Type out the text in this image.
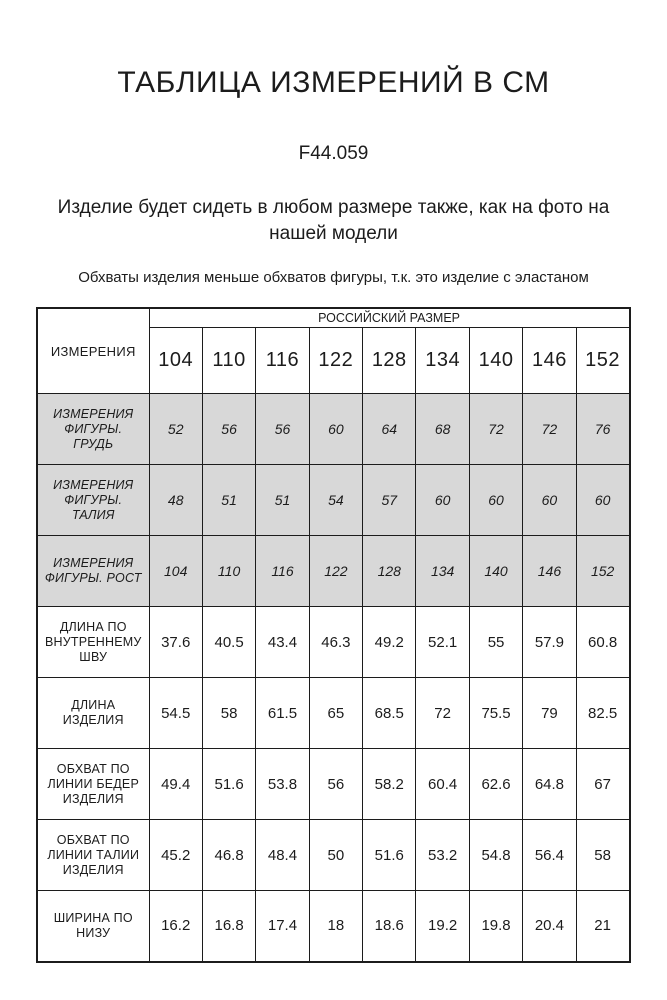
ТАБЛИЦА ИЗМЕРЕНИЙ В СМ
F44.059
Изделие будет сидеть в любом размере также, как на фото на нашей модели
Обхваты изделия меньше обхватов фигуры, т.к. это изделие с эластаном
ИЗМЕРЕНИЯ	РОССИЙСКИЙ РАЗМЕР								
	104	110	116	122	128	134	140	146	152
ИЗМЕРЕНИЯ ФИГУРЫ. ГРУДЬ	52	56	56	60	64	68	72	72	76
ИЗМЕРЕНИЯ ФИГУРЫ. ТАЛИЯ	48	51	51	54	57	60	60	60	60
ИЗМЕРЕНИЯ ФИГУРЫ. РОСТ	104	110	116	122	128	134	140	146	152
ДЛИНА ПО ВНУТРЕННЕМУ ШВУ	37.6	40.5	43.4	46.3	49.2	52.1	55	57.9	60.8
ДЛИНА ИЗДЕЛИЯ	54.5	58	61.5	65	68.5	72	75.5	79	82.5
ОБХВАТ ПО ЛИНИИ БЕДЕР ИЗДЕЛИЯ	49.4	51.6	53.8	56	58.2	60.4	62.6	64.8	67
ОБХВАТ ПО ЛИНИИ ТАЛИИ ИЗДЕЛИЯ	45.2	46.8	48.4	50	51.6	53.2	54.8	56.4	58
ШИРИНА ПО НИЗУ	16.2	16.8	17.4	18	18.6	19.2	19.8	20.4	21
